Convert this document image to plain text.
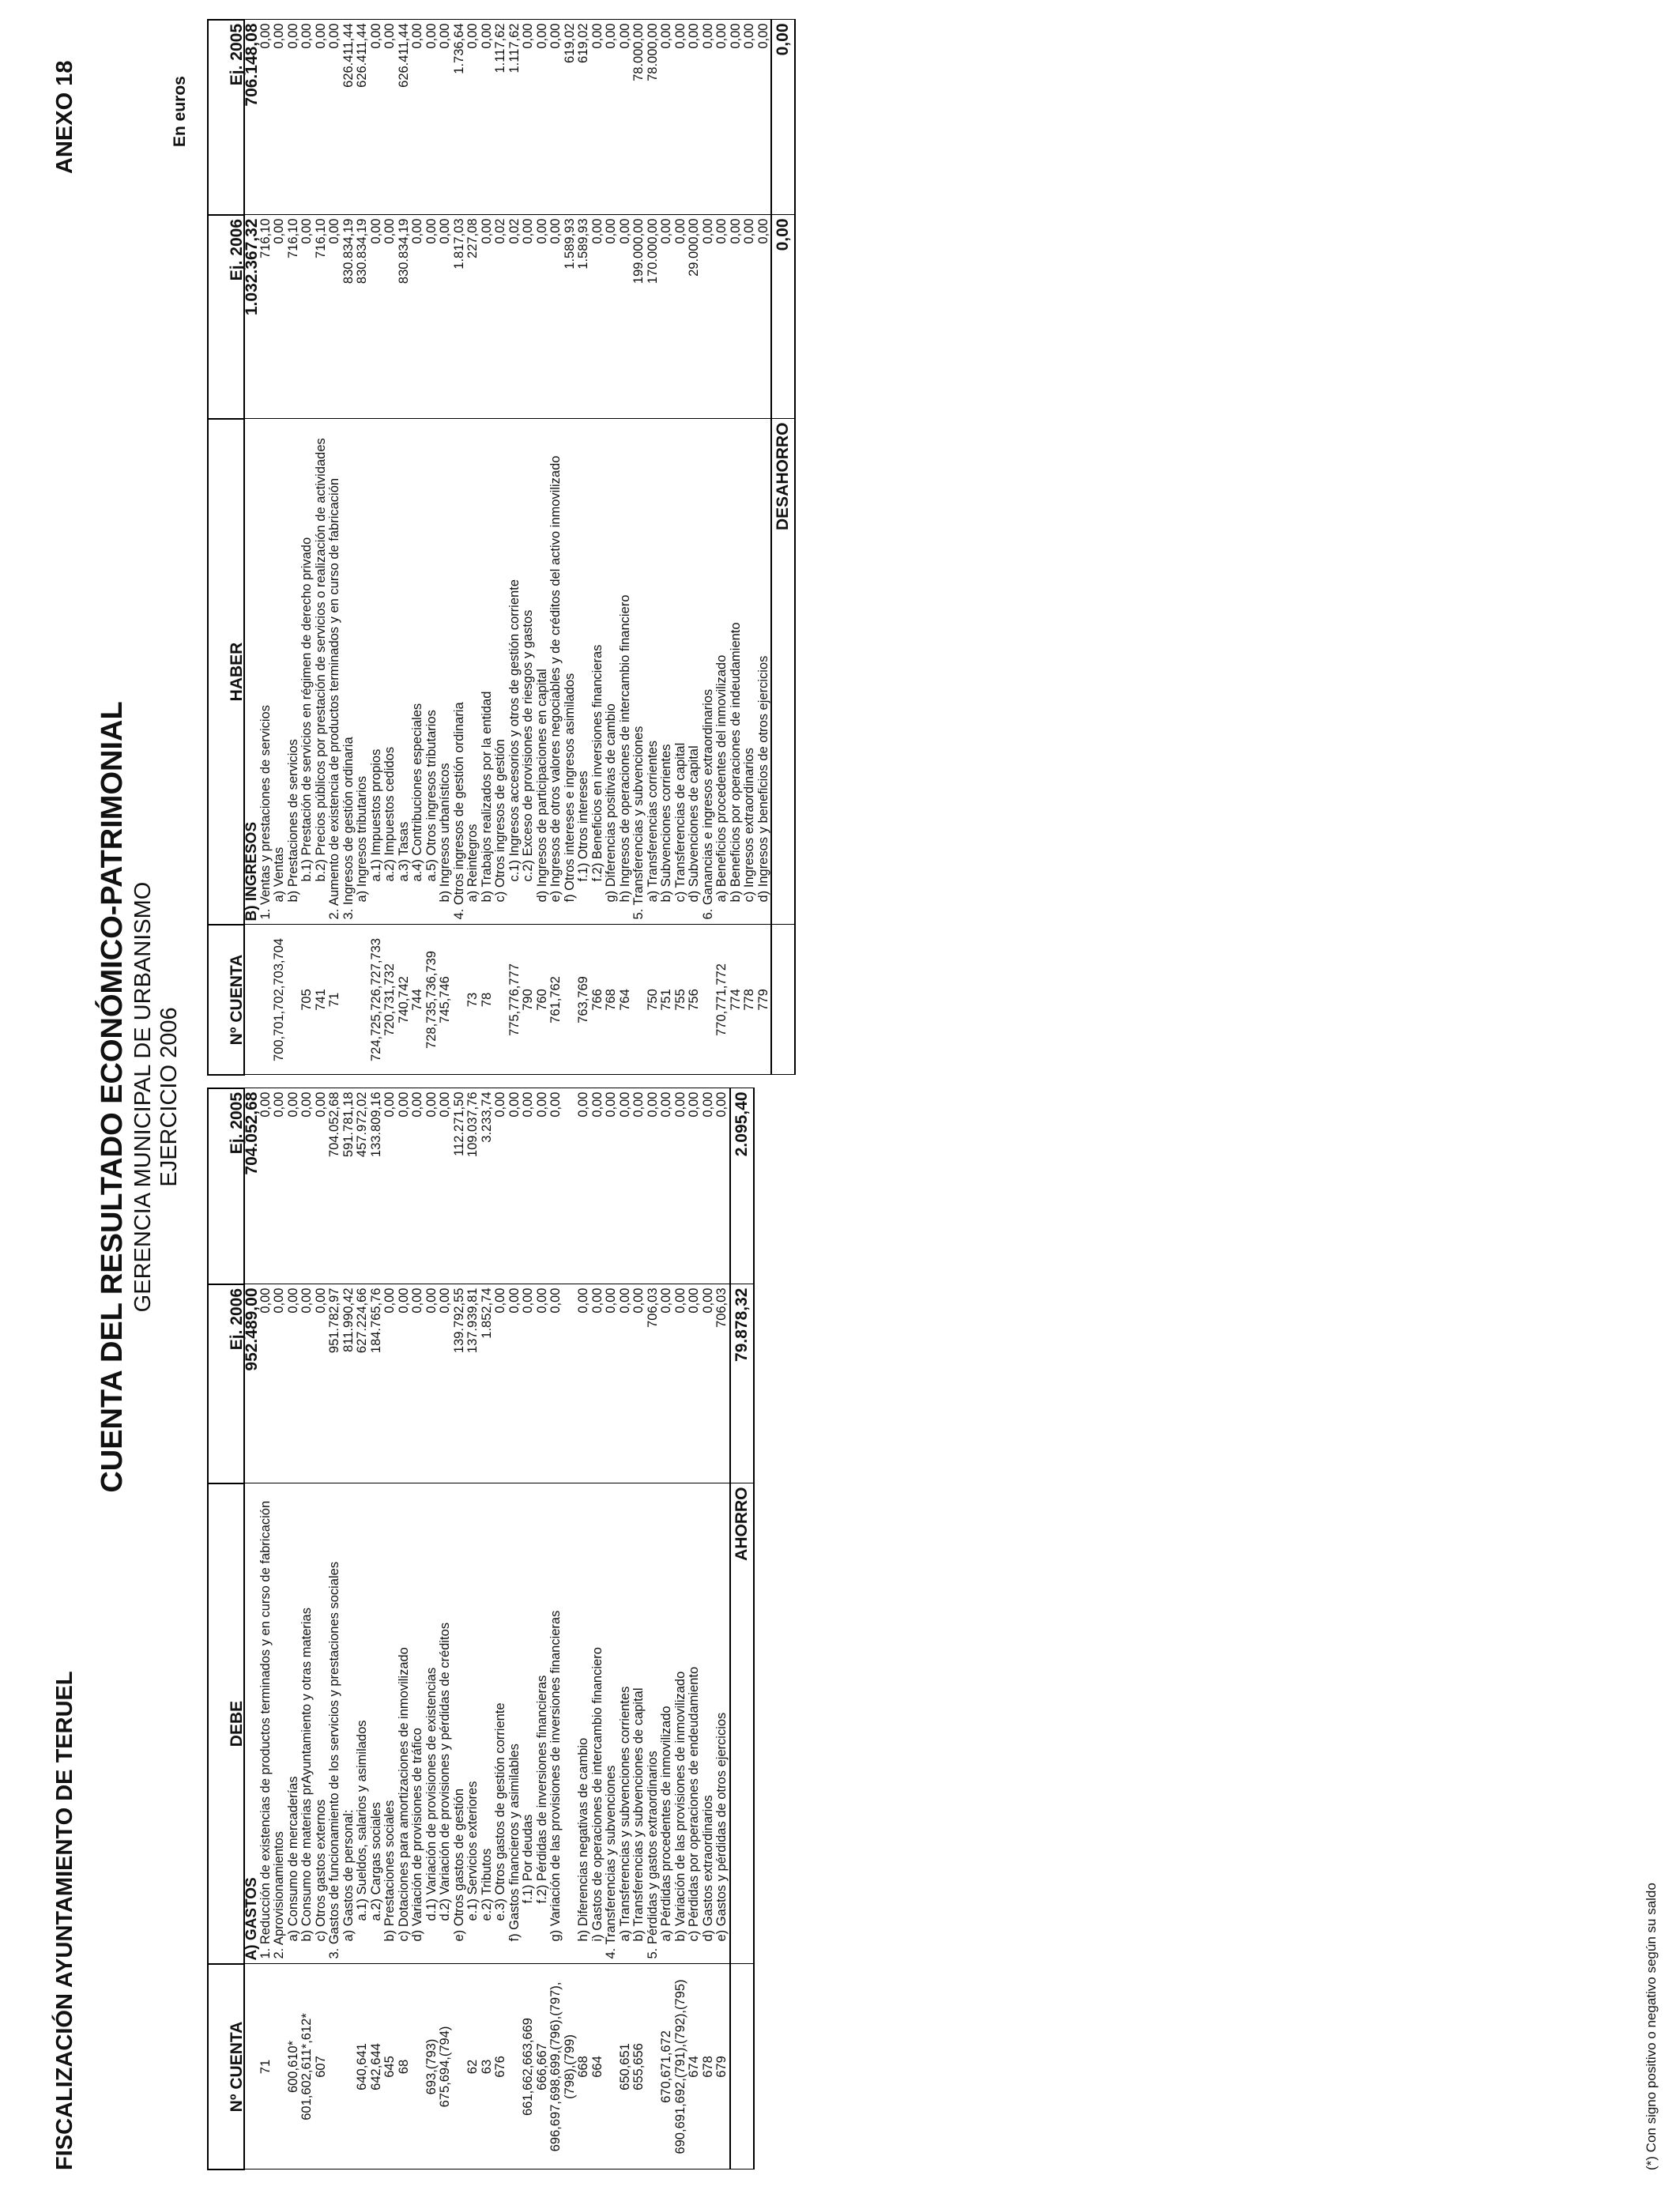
FISCALIZACIÓN AYUNTAMIENTO DE TERUEL
ANEXO 18
CUENTA DEL RESULTADO ECONÓMICO-PATRIMONIAL GERENCIA MUNICIPAL DE URBANISMO EJERCICIO 2006
En euros
Nº CUENTA	DEBE	Ej. 2006	Ej. 2005
	A) GASTOS	952.489,00	704.052,68
71	1. Reducción de existencias de productos terminados y en curso de fabricación	0,00	0,00
	2. Aprovisionamientos	0,00	0,00
600,610*	a) Consumo de mercaderías	0,00	0,00
601,602,611*,612*	b) Consumo de materias prAyuntamiento y otras materias	0,00	0,00
607	c) Otros gastos externos	0,00	0,00
	3. Gastos de funcionamiento de los servicios y prestaciones sociales	951.782,97	704.052,68
	a) Gastos de personal:	811.990,42	591.781,18
640,641	a.1) Sueldos, salarios y asimilados	627.224,66	457.972,02
642,644	a.2) Cargas sociales	184.765,76	133.809,16
645	b) Prestaciones sociales	0,00	0,00
68	c) Dotaciones para amortizaciones de inmovilizado	0,00	0,00
	d) Variación de provisiones de tráfico	0,00	0,00
693,(793)	d.1) Variación de provisiones de existencias	0,00	0,00
675,694,(794)	d.2) Variación de provisiones y pérdidas de créditos	0,00	0,00
	e) Otros gastos de gestión	139.792,55	112.271,50
62	e.1) Servicios exteriores	137.939,81	109.037,76
63	e.2) Tributos	1.852,74	3.233,74
676	e.3) Otros gastos de gestión corriente	0,00	0,00
	f) Gastos financieros y asimilables	0,00	0,00
661,662,663,669	f.1) Por deudas	0,00	0,00
666,667	f.2) Pérdidas de inversiones financieras	0,00	0,00
696,697,698,699,(796),(797),(798),(799)	g) Variación de las provisiones de inversiones financieras	0,00	0,00
668	h) Diferencias negativas de cambio	0,00	0,00
664	i) Gastos de operaciones de intercambio financiero	0,00	0,00
	4. Transferencias y subvenciones	0,00	0,00
650,651	a) Transferencias y subvenciones corrientes	0,00	0,00
655,656	b) Transferencias y subvenciones de capital	0,00	0,00
	5. Pérdidas y gastos extraordinarios	706,03	0,00
670,671,672	a) Pérdidas procedentes de inmovilizado	0,00	0,00
690,691,692,(791),(792),(795)	b) Variación de las provisiones de inmovilizado	0,00	0,00
674	c) Pérdidas por operaciones de endeudamiento	0,00	0,00
678	d) Gastos extraordinarios	0,00	0,00
679	e) Gastos y pérdidas de otros ejercicios	706,03	0,00
	AHORRO	79.878,32	2.095,40
Nº CUENTA	HABER	Ej. 2006	Ej. 2005
	B) INGRESOS	1.032.367,32	706.148,08
	1. Ventas y prestaciones de servicios	716,10	0,00
700,701,702,703,704	a) Ventas	0,00	0,00
	b) Prestaciones de servicios	716,10	0,00
705	b.1) Prestación de servicios en régimen de derecho privado	0,00	0,00
741	b.2) Precios públicos por prestación de servicios o realización de actividades	716,10	0,00
71	2. Aumento de existencia de productos terminados y en curso de fabricación	0,00	0,00
	3. Ingresos de gestión ordinaria	830.834,19	626.411,44
	a) Ingresos tributarios	830.834,19	626.411,44
724,725,726,727,733	a.1) Impuestos propios	0,00	0,00
720,731,732	a.2) Impuestos cedidos	0,00	0,00
740,742	a.3) Tasas	830.834,19	626.411,44
744	a.4) Contribuciones especiales	0,00	0,00
728,735,736,739	a.5) Otros ingresos tributarios	0,00	0,00
745,746	b) Ingresos urbanísticos	0,00	0,00
	4. Otros ingresos de gestión ordinaria	1.817,03	1.736,64
73	a) Reintegros	227,08	0,00
78	b) Trabajos realizados por la entidad	0,00	0,00
	c) Otros ingresos de gestión	0,02	1.117,62
775,776,777	c.1) Ingresos accesorios y otros de gestión corriente	0,02	1.117,62
790	c.2) Exceso de provisiones de riesgos y gastos	0,00	0,00
760	d) Ingresos de participaciones en capital	0,00	0,00
761,762	e) Ingresos de otros valores negociables y de créditos del activo inmovilizado	0,00	0,00
	f) Otros intereses e ingresos asimilados	1.589,93	619,02
763,769	f.1) Otros intereses	1.589,93	619,02
766	f.2) Beneficios en inversiones financieras	0,00	0,00
768	g) Diferencias positivas de cambio	0,00	0,00
764	h) Ingresos de operaciones de intercambio financiero	0,00	0,00
	5. Transferencias y subvenciones	199.000,00	78.000,00
750	a) Transferencias corrientes	170.000,00	78.000,00
751	b) Subvenciones corrientes	0,00	0,00
755	c) Transferencias de capital	0,00	0,00
756	d) Subvenciones de capital	29.000,00	0,00
	6. Ganancias e ingresos extraordinarios	0,00	0,00
770,771,772	a) Beneficios procedentes del inmovilizado	0,00	0,00
774	b) Beneficios por operaciones de indeudamiento	0,00	0,00
778	c) Ingresos extraordinarios	0,00	0,00
779	d) Ingresos y beneficios de otros ejercicios	0,00	0,00
	DESAHORRO	0,00	0,00
(*) Con signo positivo o negativo según su saldo
